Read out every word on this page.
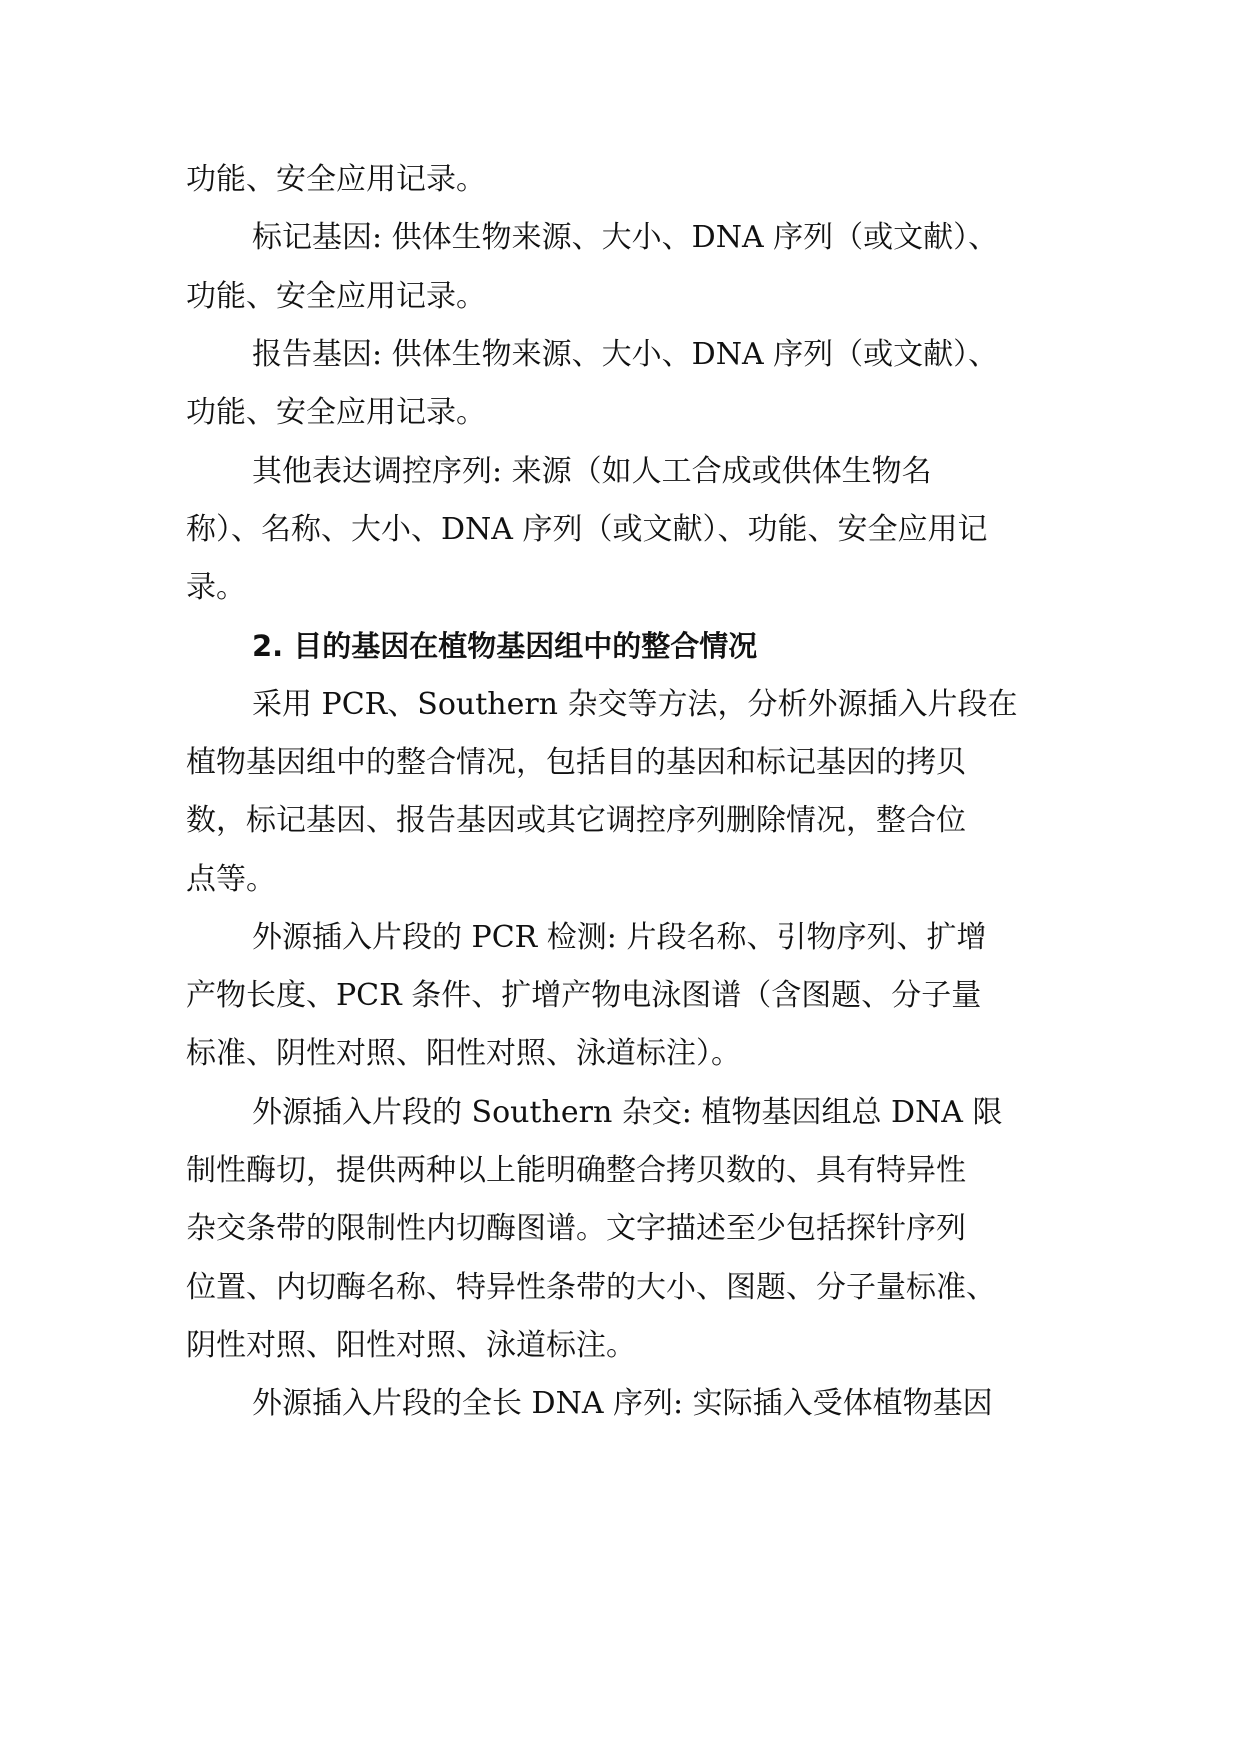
功能、安全应用记录。
标记基因: 供体生物来源、大小、DNA 序列（或文献）、
功能、安全应用记录。
报告基因: 供体生物来源、大小、DNA 序列（或文献）、
功能、安全应用记录。
其他表达调控序列: 来源（如人工合成或供体生物名
称）、名称、大小、DNA 序列（或文献）、功能、安全应用记
录。
2. 目的基因在植物基因组中的整合情况
采用 PCR、Southern 杂交等方法，分析外源插入片段在
植物基因组中的整合情况，包括目的基因和标记基因的拷贝
数，标记基因、报告基因或其它调控序列删除情况，整合位
点等。
外源插入片段的 PCR 检测: 片段名称、引物序列、扩增
产物长度、PCR 条件、扩增产物电泳图谱（含图题、分子量
标准、阴性对照、阳性对照、泳道标注）。
外源插入片段的 Southern 杂交: 植物基因组总 DNA 限
制性酶切，提供两种以上能明确整合拷贝数的、具有特异性
杂交条带的限制性内切酶图谱。文字描述至少包括探针序列
位置、内切酶名称、特异性条带的大小、图题、分子量标准、
阴性对照、阳性对照、泳道标注。
外源插入片段的全长 DNA 序列: 实际插入受体植物基因
